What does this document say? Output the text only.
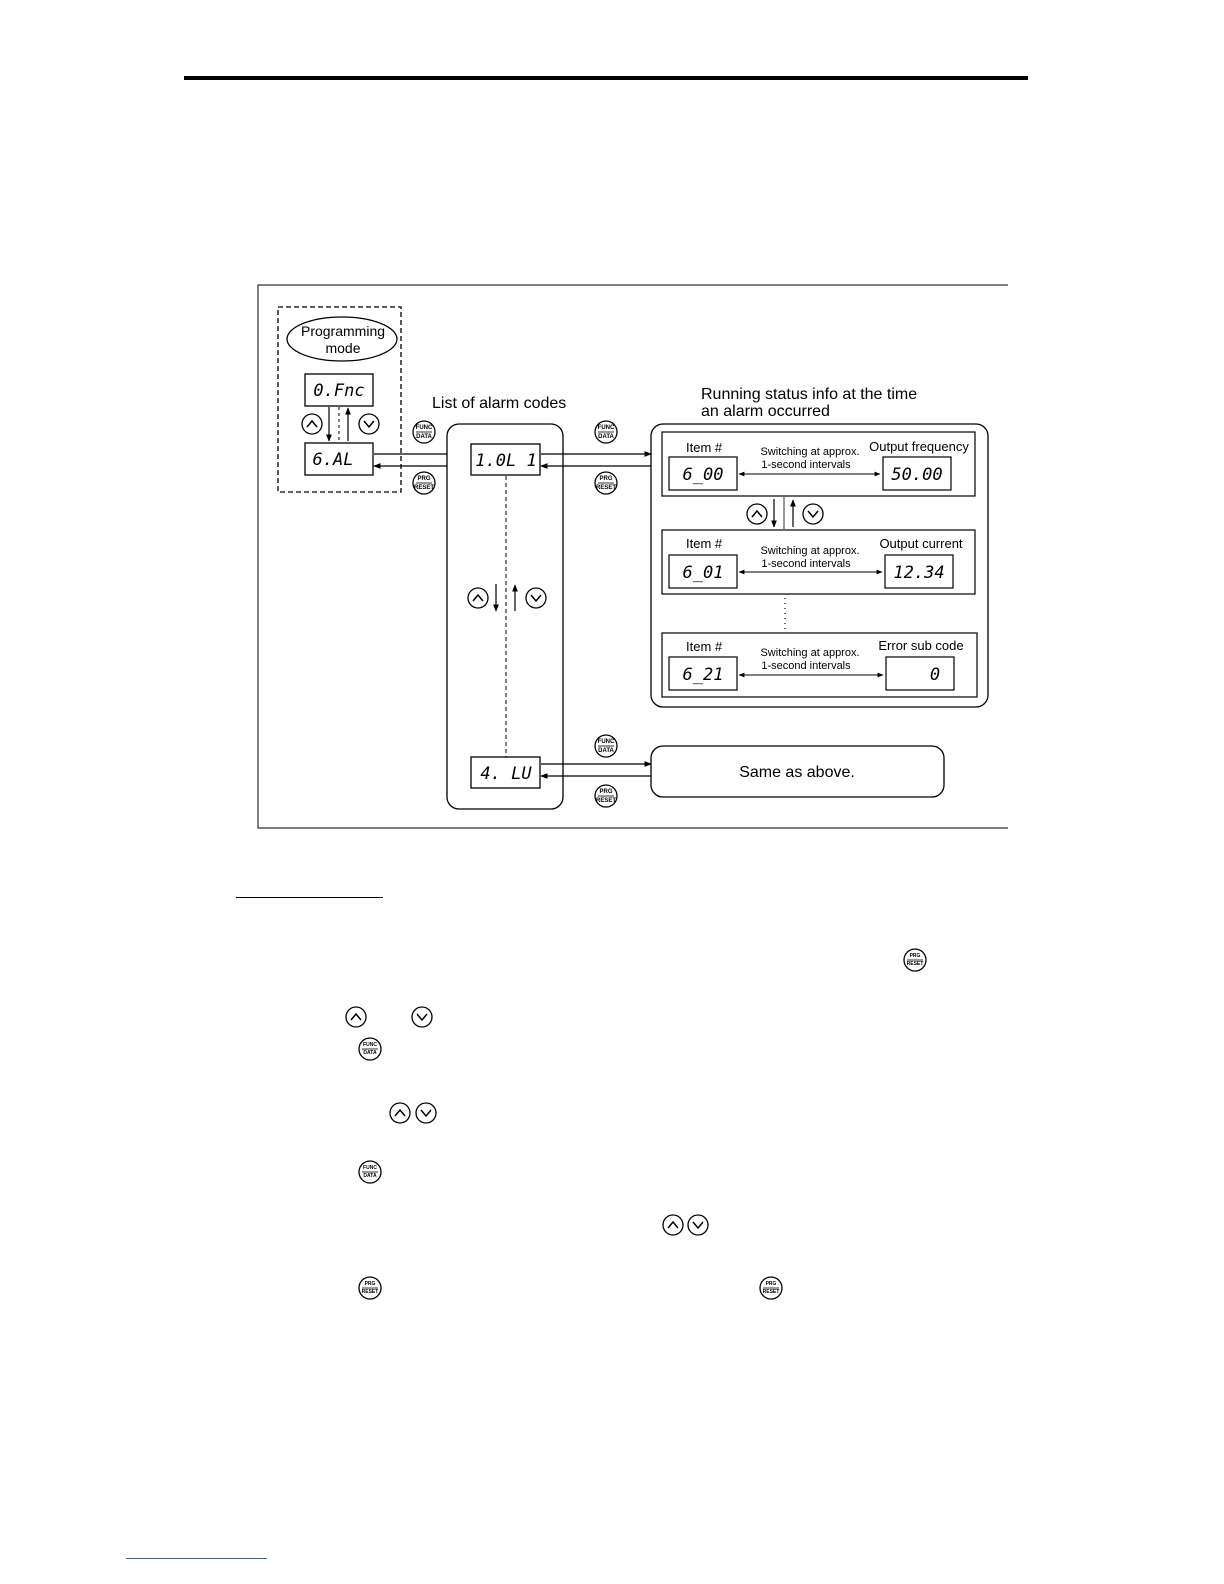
Programming
mode
0.Fnc
6.AL
FUNC
DATA
PRG
RESET
List of alarm codes
1.0L 1
4. LU
FUNC
DATA
PRG
RESET
Running status info at the time
an alarm occurred
Item #
6_00
Switching at approx.
1-second intervals
Output frequency
50.00
Item #
6_01
Switching at approx.
1-second intervals
Output current
12.34
Item #
6_21
Switching at approx.
1-second intervals
Error sub code
0
FUNC
DATA
PRG
RESET
Same as above.
PRG
RESET
FUNC
DATA
FUNC
DATA
PRG
RESET
PRG
RESET
